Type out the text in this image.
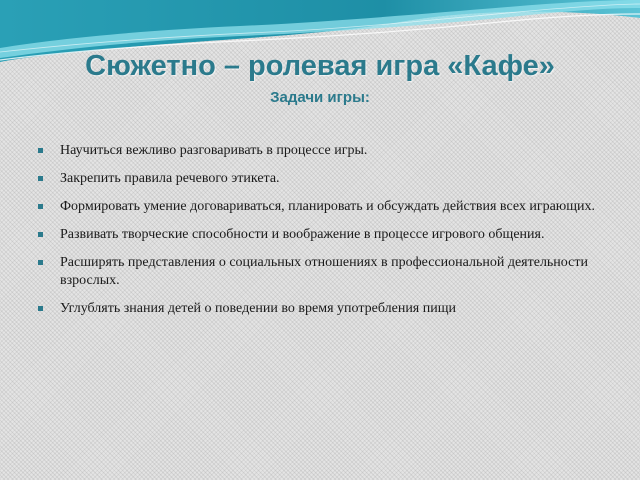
Сюжетно – ролевая игра «Кафе»
Задачи игры:
Научиться вежливо разговаривать в процессе игры.
Закрепить правила речевого этикета.
Формировать умение договариваться, планировать и обсуждать действия всех играющих.
Развивать творческие способности и воображение в процессе игрового общения.
Расширять представления о социальных отношениях в профессиональной деятельности взрослых.
Углублять знания детей о поведении во время употребления пищи
